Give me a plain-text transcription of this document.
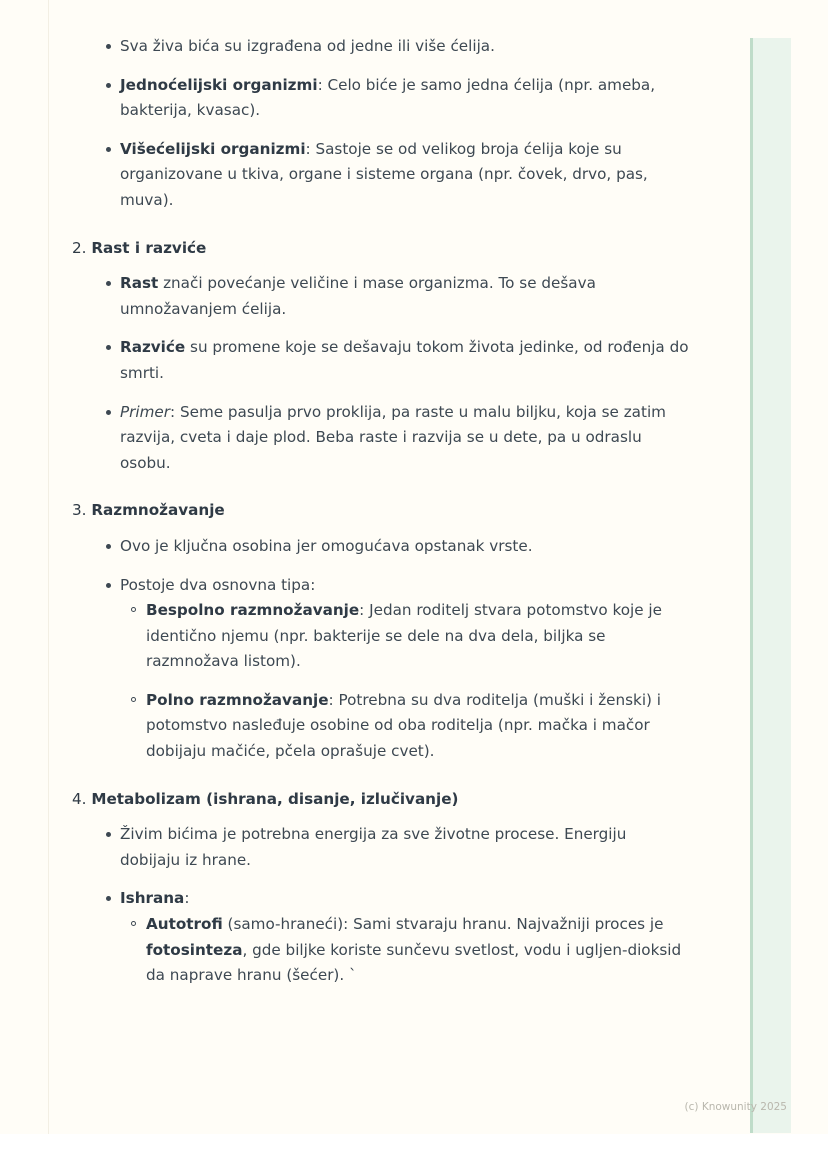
Sva živa bića su izgrađena od jedne ili više ćelija.
Jednoćelijski organizmi: Celo biće je samo jedna ćelija (npr. ameba, bakterija, kvasac).
Višećelijski organizmi: Sastoje se od velikog broja ćelija koje su organizovane u tkiva, organe i sisteme organa (npr. čovek, drvo, pas, muva).

2. Rast i razviće

Rast znači povećanje veličine i mase organizma. To se dešava umnožavanjem ćelija.
Razviće su promene koje se dešavaju tokom života jedinke, od rođenja do smrti.
Primer: Seme pasulja prvo proklija, pa raste u malu biljku, koja se zatim razvija, cveta i daje plod. Beba raste i razvija se u dete, pa u odraslu osobu.

3. Razmnožavanje

Ovo je ključna osobina jer omogućava opstanak vrste.
Postoje dva osnovna tipa:
Bespolno razmnožavanje: Jedan roditelj stvara potomstvo koje je identično njemu (npr. bakterije se dele na dva dela, biljka se razmnožava listom).
Polno razmnožavanje: Potrebna su dva roditelja (muški i ženski) i potomstvo nasleđuje osobine od oba roditelja (npr. mačka i mačor dobijaju mačiće, pčela oprašuje cvet).

4. Metabolizam (ishrana, disanje, izlučivanje)

Živim bićima je potrebna energija za sve životne procese. Energiju dobijaju iz hrane.
Ishrana:
Autotrofi (samo-hraneći): Sami stvaraju hranu. Najvažniji proces je fotosinteza, gde biljke koriste sunčevu svetlost, vodu i ugljen-dioksid da naprave hranu (šećer). `
(c) Knowunity 2025
